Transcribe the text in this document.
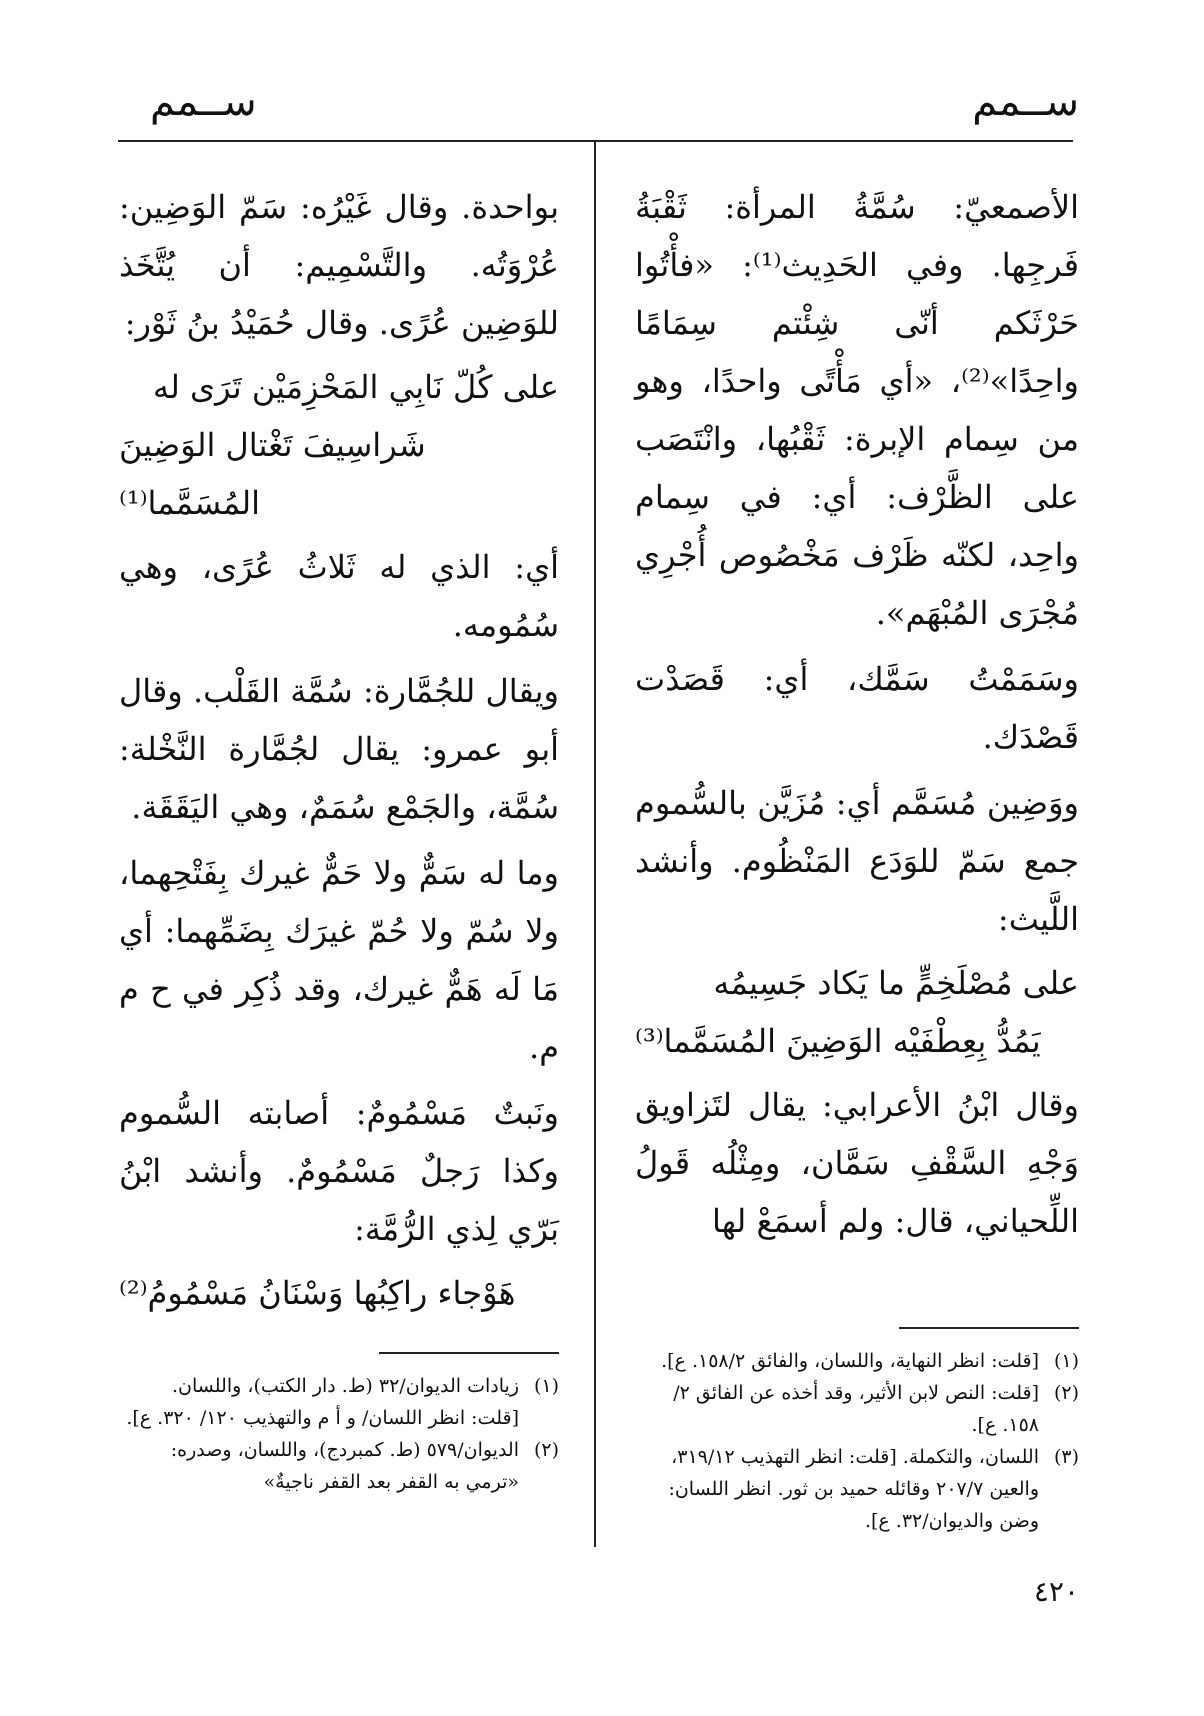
ســمم
ســمم

الأصمعيّ: سُمَّةُ المرأة: ثَقْبَةُ فَرجِها. وفي الحَدِيث⁽¹⁾: «فأْتُوا حَرْثَكم أنّى شِئْتم سِمَامًا واحِدًا»⁽²⁾، «أي مَأْتًى واحدًا، وهو من سِمام الإبرة: ثَقْبُها، وانْتَصَب على الظَّرْف: أي: في سِمام واحِد، لكنّه ظَرْف مَخْصُوص أُجْرِي مُجْرَى المُبْهَم».

وسَمَمْتُ سَمَّك، أي: قَصَدْت قَصْدَك.

ووَضِين مُسَمَّم أي: مُزَيَّن بالسُّموم جمع سَمّ للوَدَع المَنْظُوم. وأنشد اللَّيث:

على مُصْلَخِمٍّ ما يَكاد جَسِيمُه
يَمُدُّ بِعِطْفَيْه الوَضِينَ المُسَمَّما⁽³⁾

وقال ابْنُ الأعرابي: يقال لتَزاويق وَجْهِ السَّقْفِ سَمَّان، ومِثْلُه قَولُ اللِّحياني، قال: ولم أسمَعْ لها

بواحدة. وقال غَيْرُه: سَمّ الوَضِين: عُرْوَتُه. والتَّسْمِيم: أن يُتَّخَذ للوَضِين عُرًى. وقال حُمَيْدُ بنُ ثَوْر:

على كُلّ نَابِي المَحْزِمَيْن تَرَى له
شَراسِيفَ تَغْتال الوَضِينَ المُسَمَّما⁽¹⁾

أي: الذي له ثَلاثُ عُرًى، وهي سُمُومه.

ويقال للجُمَّارة: سُمَّة القَلْب. وقال أبو عمرو: يقال لجُمَّارة النَّخْلة: سُمَّة، والجَمْع سُمَمٌ، وهي اليَقَقَة.

وما له سَمٌّ ولا حَمٌّ غيرك بِفَتْحِهما، ولا سُمّ ولا حُمّ غيرَك بِضَمِّهما: أي مَا لَه هَمٌّ غيرك، وقد ذُكِر في ح م م.

ونَبتٌ مَسْمُومٌ: أصابته السُّموم وكذا رَجلٌ مَسْمُومٌ. وأنشد ابْنُ بَرّي لِذي الرُّمَّة:

هَوْجاء راكِبُها وَسْنَانُ مَسْمُومُ⁽²⁾
(١)
[قلت: انظر النهاية، واللسان، والفائق ١٥٨/٢. ع].
(٢)
[قلت: النص لابن الأثير، وقد أخذه عن الفائق ٢/ ١٥٨. ع].
(٣)
اللسان، والتكملة. [قلت: انظر التهذيب ٣١٩/١٢، والعين ٢٠٧/٧ وقائله حميد بن ثور. انظر اللسان: وضن والديوان/٣٢. ع].
(١)
زيادات الديوان/٣٢ (ط. دار الكتب)، واللسان. [قلت: انظر اللسان/ و أ م والتهذيب ١٢٠/ ٣٢٠. ع].
(٢)
الديوان/٥٧٩ (ط. كمبردج)، واللسان، وصدره: «ترمي به القفر بعد القفر ناجيةٌ»
٤٢٠
